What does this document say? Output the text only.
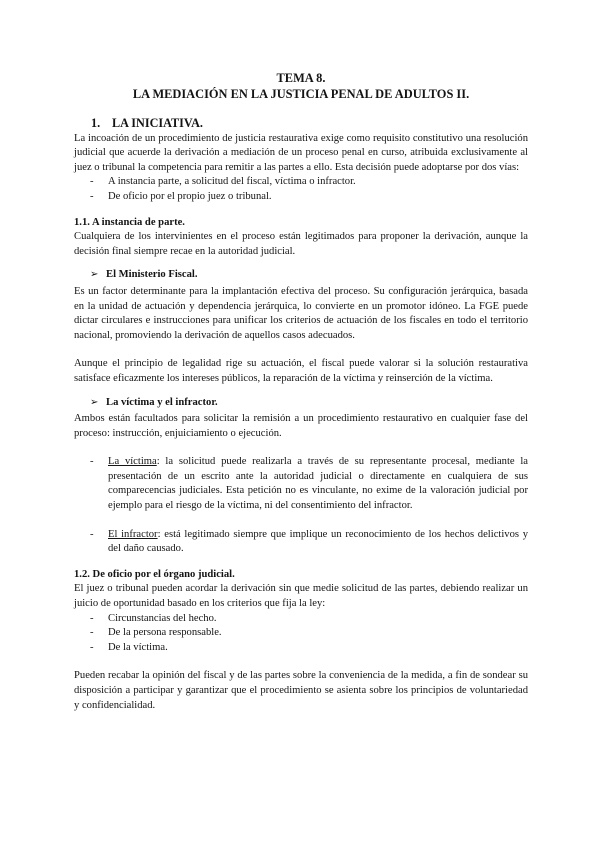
TEMA 8.
LA MEDIACIÓN EN LA JUSTICIA PENAL DE ADULTOS II.
1. LA INICIATIVA.

La incoación de un procedimiento de justicia restaurativa exige como requisito constitutivo una resolución judicial que acuerde la derivación a mediación de un proceso penal en curso, atribuida exclusivamente al juez o tribunal la competencia para remitir a las partes a ello. Esta decisión puede adoptarse por dos vías:

- A instancia parte, a solicitud del fiscal, víctima o infractor.
- De oficio por el propio juez o tribunal.
1.1. A instancia de parte.

Cualquiera de los intervinientes en el proceso están legitimados para proponer la derivación, aunque la decisión final siempre recae en la autoridad judicial.

➢ El Ministerio Fiscal.

Es un factor determinante para la implantación efectiva del proceso. Su configuración jerárquica, basada en la unidad de actuación y dependencia jerárquica, lo convierte en un promotor idóneo. La FGE puede dictar circulares e instrucciones para unificar los criterios de actuación de los fiscales en todo el territorio nacional, promoviendo la derivación de aquellos casos adecuados.

Aunque el principio de legalidad rige su actuación, el fiscal puede valorar si la solución restaurativa satisface eficazmente los intereses públicos, la reparación de la víctima y reinserción de la víctima.

➢ La víctima y el infractor.

Ambos están facultados para solicitar la remisión a un procedimiento restaurativo en cualquier fase del proceso: instrucción, enjuiciamiento o ejecución.

- La víctima: la solicitud puede realizarla a través de su representante procesal, mediante la presentación de un escrito ante la autoridad judicial o directamente en cualquiera de sus comparecencias judiciales. Esta petición no es vinculante, no exime de la valoración judicial por ejemplo para el riesgo de la víctima, ni del consentimiento del infractor.
- El infractor: está legitimado siempre que implique un reconocimiento de los hechos delictivos y del daño causado.
1.2. De oficio por el órgano judicial.

El juez o tribunal pueden acordar la derivación sin que medie solicitud de las partes, debiendo realizar un juicio de oportunidad basado en los criterios que fija la ley:

- Circunstancias del hecho.
- De la persona responsable.
- De la víctima.

Pueden recabar la opinión del fiscal y de las partes sobre la conveniencia de la medida, a fin de sondear su disposición a participar y garantizar que el procedimiento se asienta sobre los principios de voluntariedad y confidencialidad.
